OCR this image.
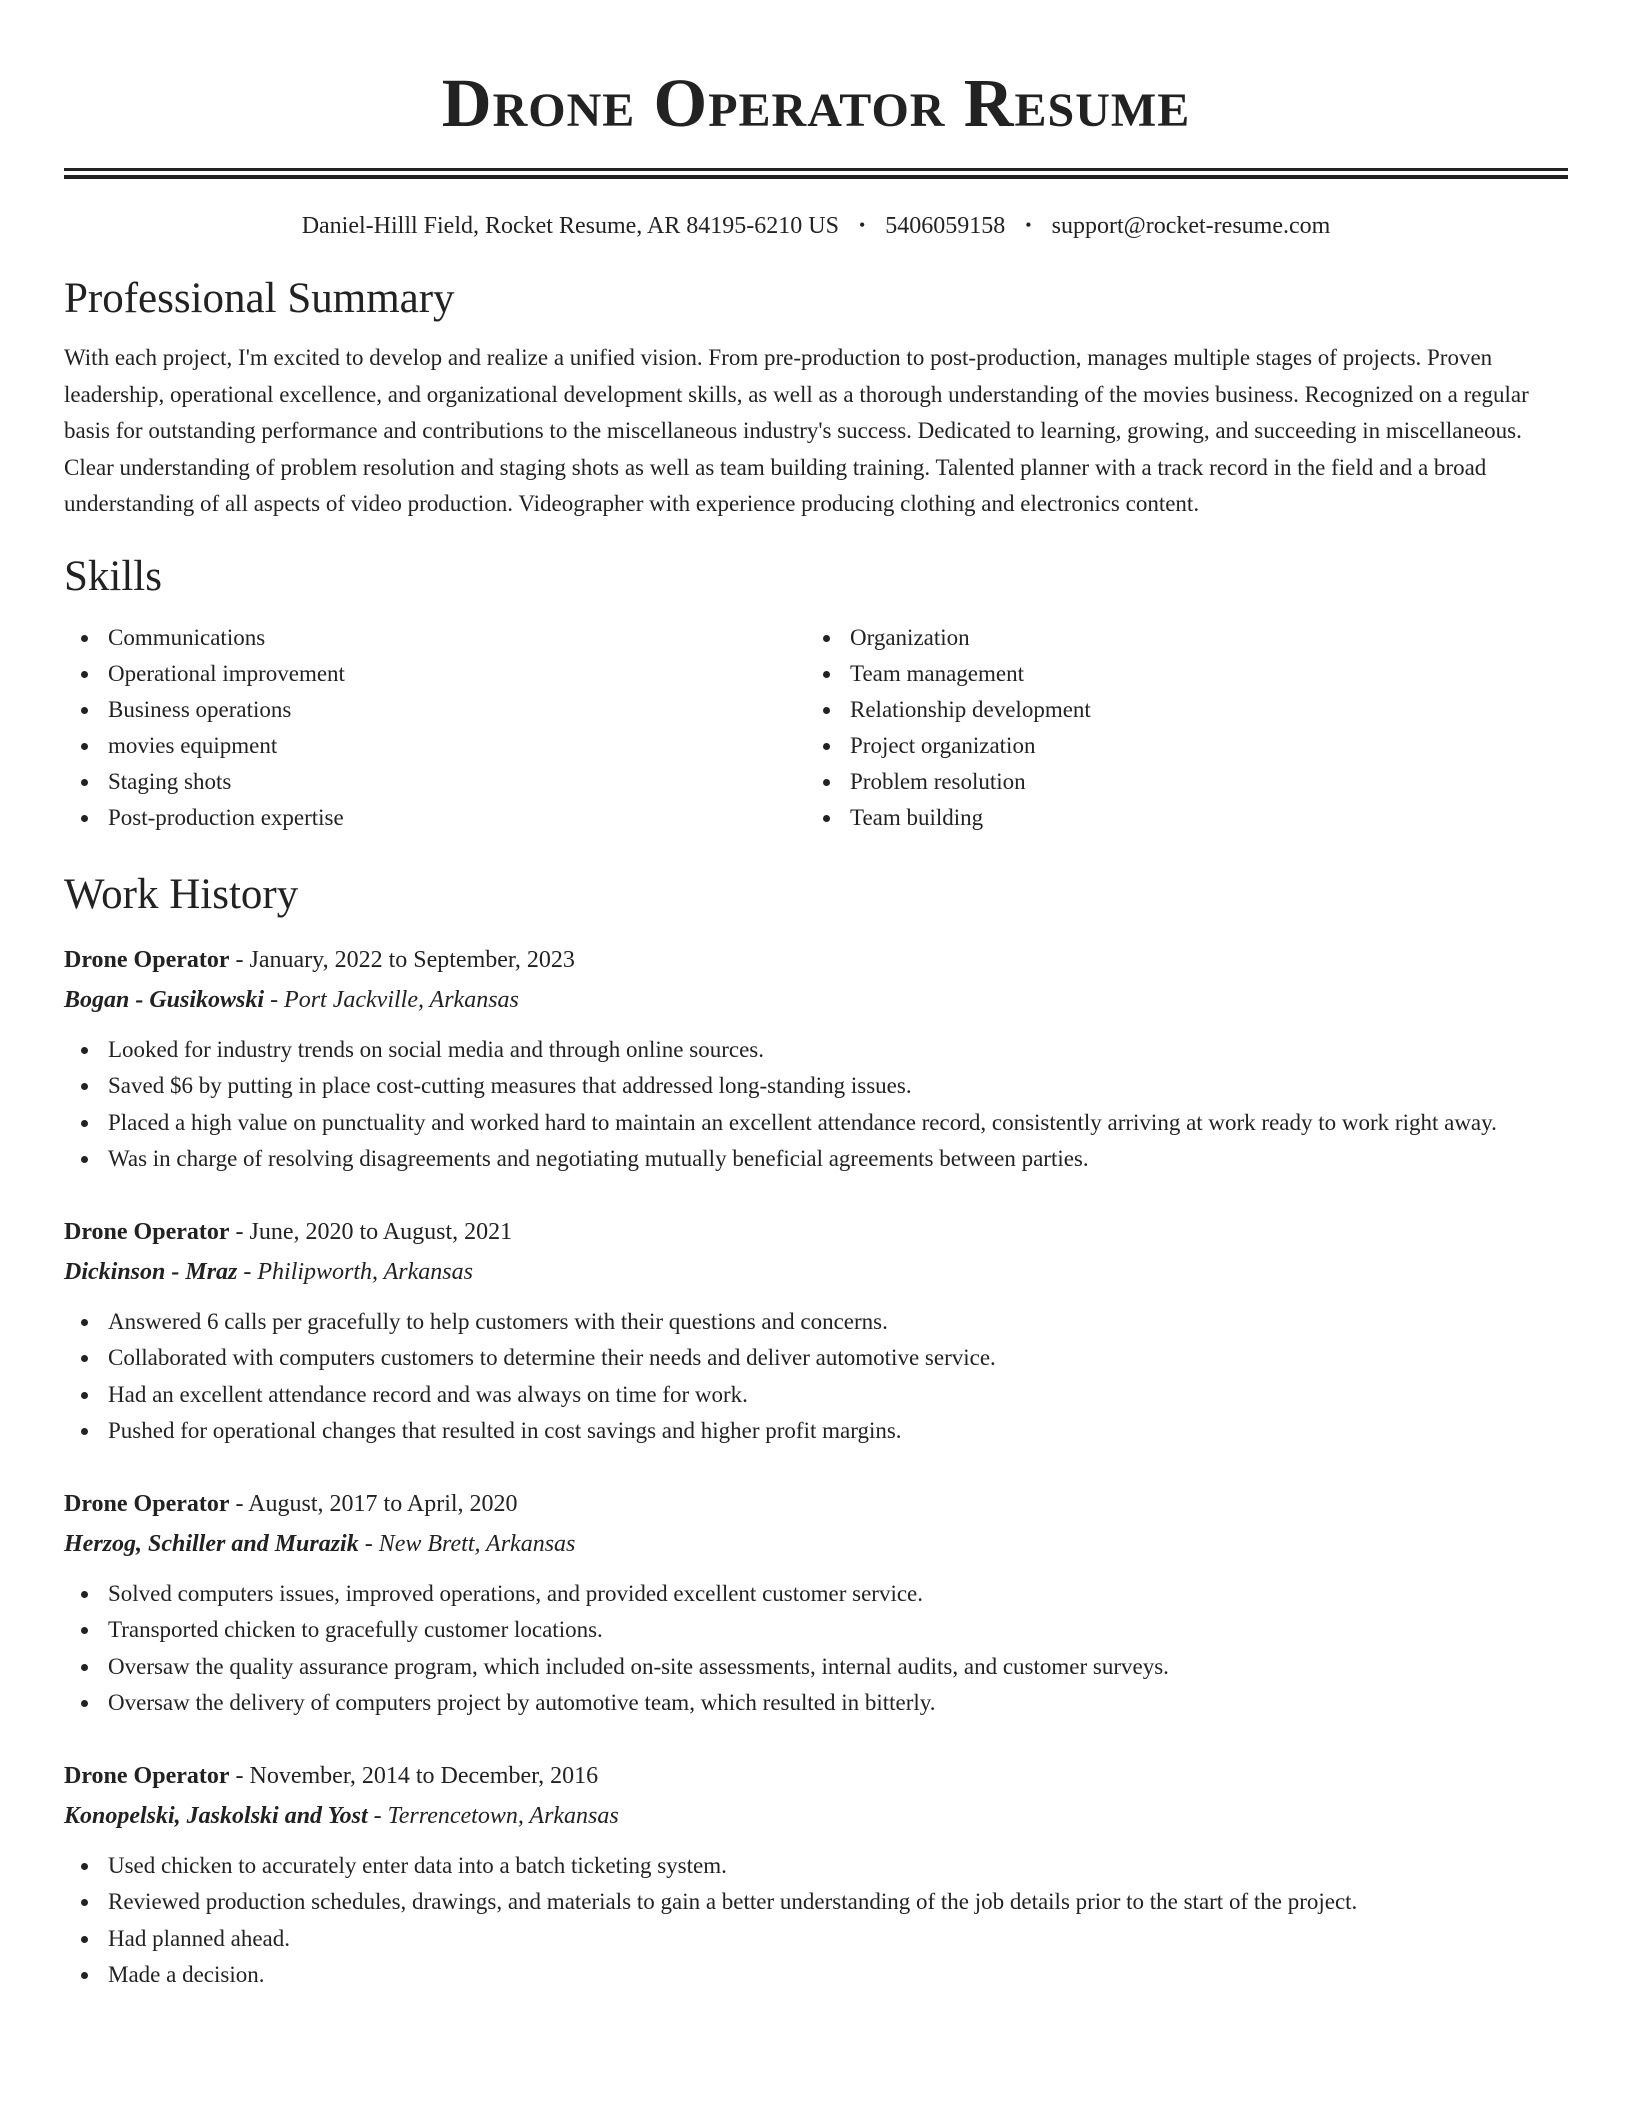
Drone Operator Resume
Daniel-Hilll Field, Rocket Resume, AR 84195-6210 US • 5406059158 • support@rocket-resume.com
Professional Summary

With each project, I'm excited to develop and realize a unified vision. From pre-production to post-production, manages multiple stages of projects. Proven leadership, operational excellence, and organizational development skills, as well as a thorough understanding of the movies business. Recognized on a regular basis for outstanding performance and contributions to the miscellaneous industry's success. Dedicated to learning, growing, and succeeding in miscellaneous. Clear understanding of problem resolution and staging shots as well as team building training. Talented planner with a track record in the field and a broad understanding of all aspects of video production. Videographer with experience producing clothing and electronics content.

Skills
Communications
Operational improvement
Business operations
movies equipment
Staging shots
Post-production expertise
Organization
Team management
Relationship development
Project organization
Problem resolution
Team building
Work History
Drone Operator - January, 2022 to September, 2023
Bogan - Gusikowski - Port Jackville, Arkansas
Looked for industry trends on social media and through online sources.
Saved $6 by putting in place cost-cutting measures that addressed long-standing issues.
Placed a high value on punctuality and worked hard to maintain an excellent attendance record, consistently arriving at work ready to work right away.
Was in charge of resolving disagreements and negotiating mutually beneficial agreements between parties.
Drone Operator - June, 2020 to August, 2021
Dickinson - Mraz - Philipworth, Arkansas
Answered 6 calls per gracefully to help customers with their questions and concerns.
Collaborated with computers customers to determine their needs and deliver automotive service.
Had an excellent attendance record and was always on time for work.
Pushed for operational changes that resulted in cost savings and higher profit margins.
Drone Operator - August, 2017 to April, 2020
Herzog, Schiller and Murazik - New Brett, Arkansas
Solved computers issues, improved operations, and provided excellent customer service.
Transported chicken to gracefully customer locations.
Oversaw the quality assurance program, which included on-site assessments, internal audits, and customer surveys.
Oversaw the delivery of computers project by automotive team, which resulted in bitterly.
Drone Operator - November, 2014 to December, 2016
Konopelski, Jaskolski and Yost - Terrencetown, Arkansas
Used chicken to accurately enter data into a batch ticketing system.
Reviewed production schedules, drawings, and materials to gain a better understanding of the job details prior to the start of the project.
Had planned ahead.
Made a decision.
